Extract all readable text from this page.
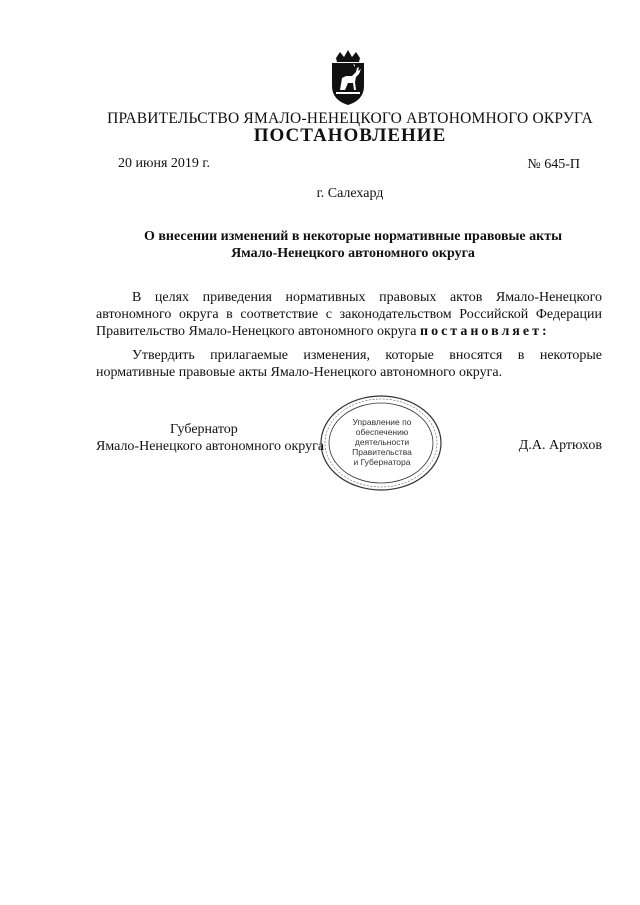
ПРАВИТЕЛЬСТВО ЯМАЛО-НЕНЕЦКОГО АВТОНОМНОГО ОКРУГА
ПОСТАНОВЛЕНИЕ
20 июня 2019 г.	№ 645-П
г. Салехард
О внесении изменений в некоторые нормативные правовые акты
Ямало-Ненецкого автономного округа
В целях приведения нормативных правовых актов Ямало-Ненецкого автономного округа в соответствие с законодательством Российской Федерации Правительство Ямало-Ненецкого автономного округа постановляет:
Утвердить прилагаемые изменения, которые вносятся в некоторые нормативные правовые акты Ямало-Ненецкого автономного округа.
Губернатор
Ямало-Ненецкого автономного округа
Управление по
обеспечению
деятельности
Правительства
и Губернатора
Д.А. Артюхов
